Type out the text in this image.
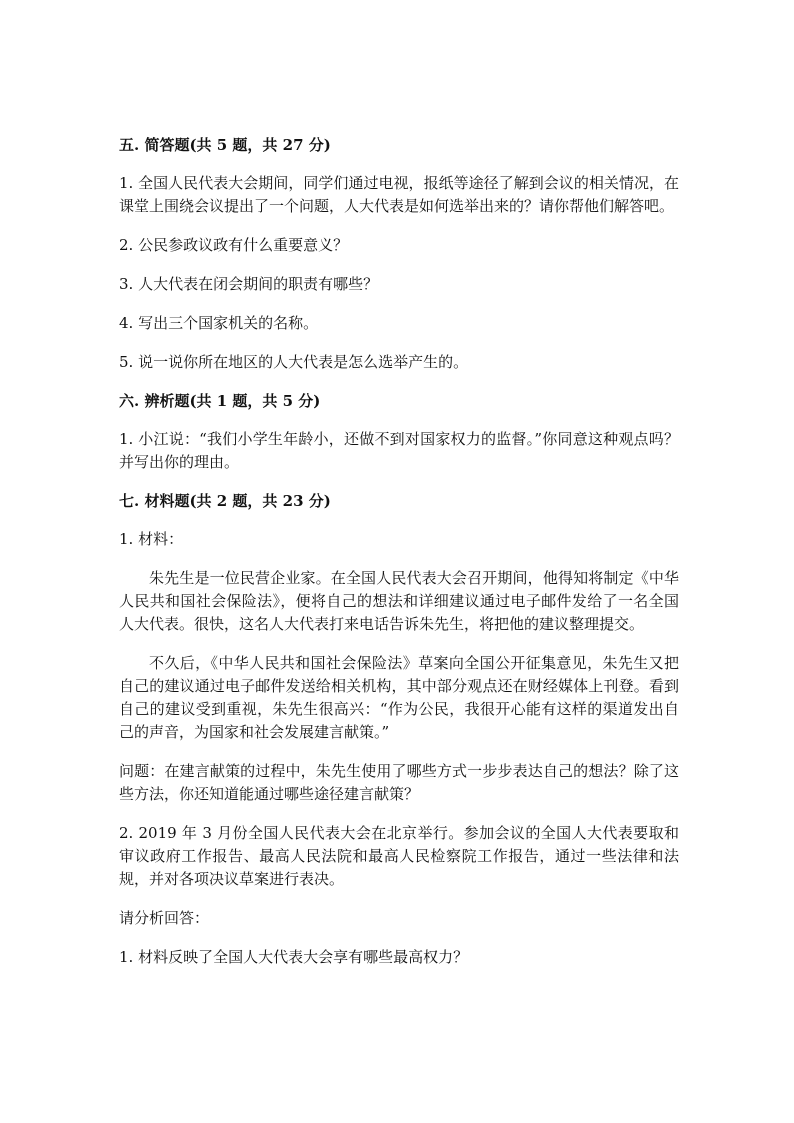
五. 简答题(共 5 题，共 27 分)
1. 全国人民代表大会期间，同学们通过电视，报纸等途径了解到会议的相关情况，在课堂上围绕会议提出了一个问题，人大代表是如何选举出来的？请你帮他们解答吧。
2. 公民参政议政有什么重要意义？
3. 人大代表在闭会期间的职责有哪些？
4. 写出三个国家机关的名称。
5. 说一说你所在地区的人大代表是怎么选举产生的。
六. 辨析题(共 1 题，共 5 分)
1. 小江说：“我们小学生年龄小，还做不到对国家权力的监督。”你同意这种观点吗？并写出你的理由。
七. 材料题(共 2 题，共 23 分)
1. 材料：
朱先生是一位民营企业家。在全国人民代表大会召开期间，他得知将制定《中华人民共和国社会保险法》，便将自己的想法和详细建议通过电子邮件发给了一名全国人大代表。很快，这名人大代表打来电话告诉朱先生，将把他的建议整理提交。
不久后，《中华人民共和国社会保险法》草案向全国公开征集意见，朱先生又把自己的建议通过电子邮件发送给相关机构，其中部分观点还在财经媒体上刊登。看到自己的建议受到重视，朱先生很高兴：“作为公民，我很开心能有这样的渠道发出自己的声音，为国家和社会发展建言献策。”
问题：在建言献策的过程中，朱先生使用了哪些方式一步步表达自己的想法？除了这些方法，你还知道能通过哪些途径建言献策？
2. 2019 年 3 月份全国人民代表大会在北京举行。参加会议的全国人大代表要取和审议政府工作报告、最高人民法院和最高人民检察院工作报告，通过一些法律和法规，并对各项决议草案进行表决。
请分析回答：
1. 材料反映了全国人大代表大会享有哪些最高权力？
